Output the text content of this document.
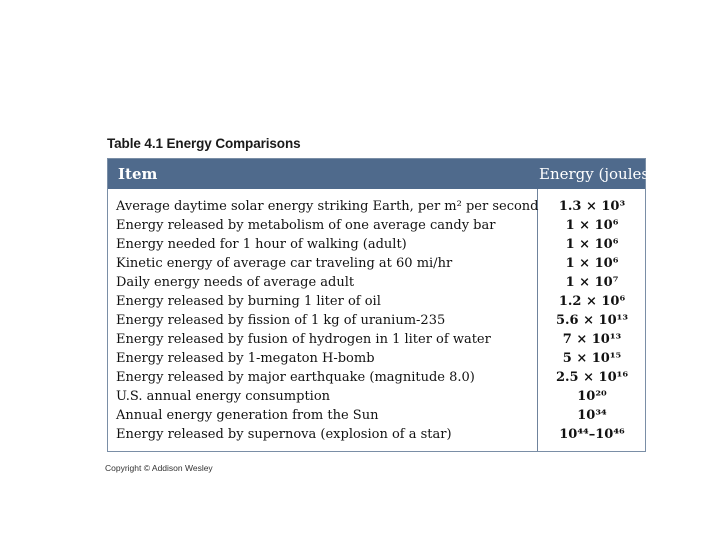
Table 4.1 Energy Comparisons
Item	Energy (joules)
Average daytime solar energy striking Earth, per m² per second	1.3 × 10³
Energy released by metabolism of one average candy bar	1 × 10⁶
Energy needed for 1 hour of walking (adult)	1 × 10⁶
Kinetic energy of average car traveling at 60 mi/hr	1 × 10⁶
Daily energy needs of average adult	1 × 10⁷
Energy released by burning 1 liter of oil	1.2 × 10⁶
Energy released by fission of 1 kg of uranium-235	5.6 × 10¹³
Energy released by fusion of hydrogen in 1 liter of water	7 × 10¹³
Energy released by 1-megaton H-bomb	5 × 10¹⁵
Energy released by major earthquake (magnitude 8.0)	2.5 × 10¹⁶
U.S. annual energy consumption	10²⁰
Annual energy generation from the Sun	10³⁴
Energy released by supernova (explosion of a star)	10⁴⁴–10⁴⁶
Copyright © Addison Wesley
